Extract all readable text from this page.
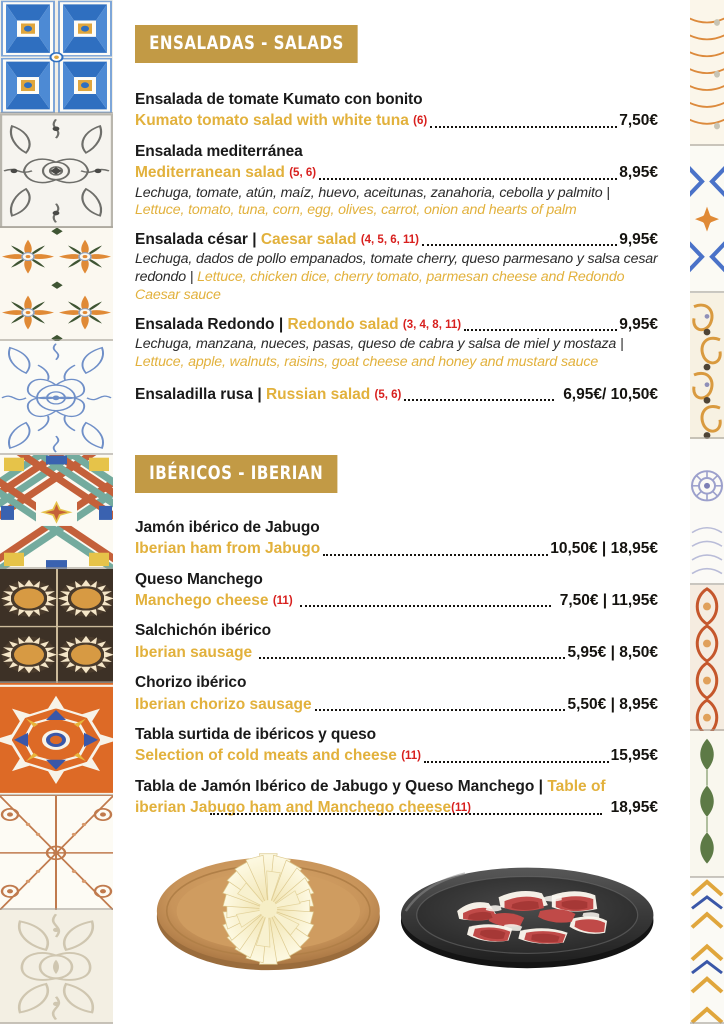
ENSALADAS - SALADS
Ensalada de tomate Kumato con bonito
Kumato tomato salad with white tuna (6)	7,50€
Ensalada mediterránea
Mediterranean salad (5, 6)	8,95€
Lechuga, tomate, atún, maíz, huevo, aceitunas, zanahoria, cebolla y palmito | Lettuce, tomato, tuna, corn, egg, olives, carrot, onion and hearts of palm
Ensalada césar | Caesar salad (4, 5, 6, 11)	9,95€
Lechuga, dados de pollo empanados, tomate cherry, queso parmesano y salsa cesar redondo | Lettuce, chicken dice, cherry tomato, parmesan cheese and Redondo Caesar sauce
Ensalada Redondo | Redondo salad (3, 4, 8, 11)	9,95€
Lechuga, manzana, nueces, pasas, queso de cabra y salsa de miel y mostaza | Lettuce, apple, walnuts, raisins, goat cheese and honey and mustard sauce
Ensaladilla rusa | Russian salad (5, 6)	6,95€/ 10,50€
IBÉRICOS - IBERIAN
Jamón ibérico de Jabugo
Iberian ham from Jabugo	10,50€ | 18,95€
Queso Manchego
Manchego cheese (11)	7,50€ | 11,95€
Salchichón ibérico
Iberian sausage	5,95€ | 8,50€
Chorizo ibérico
Iberian chorizo sausage	5,50€ | 8,95€
Tabla surtida de ibéricos y queso
Selection of cold meats and cheese (11)	15,95€
Tabla de Jamón Ibérico de Jabugo y Queso Manchego | Table of iberian Jabugo ham and Manchego cheese(11)	18,95€
